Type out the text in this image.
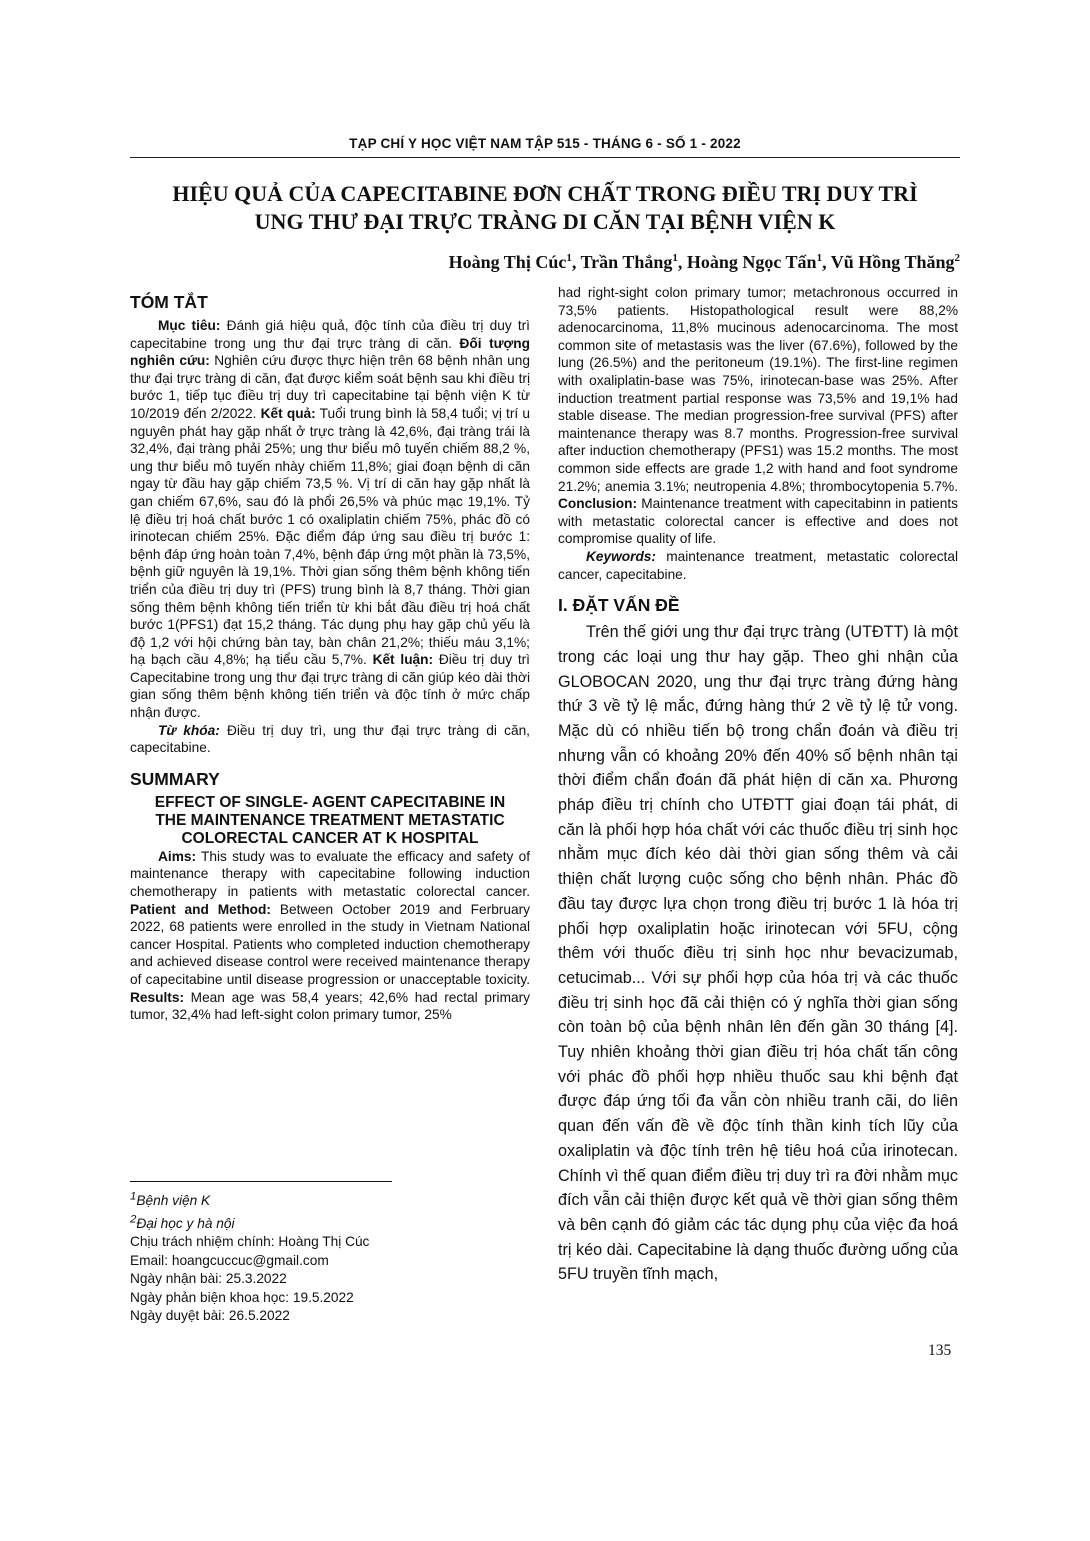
TẠP CHÍ Y HỌC VIỆT NAM TẬP 515 - THÁNG 6 - SỐ 1 - 2022
HIỆU QUẢ CỦA CAPECITABINE ĐƠN CHẤT TRONG ĐIỀU TRỊ DUY TRÌ
UNG THƯ ĐẠI TRỰC TRÀNG DI CĂN TẠI BỆNH VIỆN K
Hoàng Thị Cúc$^1$, Trần Thắng$^1$, Hoàng Ngọc Tấn$^1$, Vũ Hồng Thăng$^2$
TÓM TẮT

Mục tiêu: Đánh giá hiệu quả, độc tính của điều trị duy trì capecitabine trong ung thư đại trực tràng di căn. Đối tượng nghiên cứu: Nghiên cứu được thực hiện trên 68 bệnh nhân ung thư đại trực tràng di căn, đạt được kiểm soát bệnh sau khi điều trị bước 1, tiếp tục điều trị duy trì capecitabine tại bệnh viện K từ 10/2019 đến 2/2022. Kết quả: Tuổi trung bình là 58,4 tuổi; vị trí u nguyên phát hay gặp nhất ở trực tràng là 42,6%, đại tràng trái là 32,4%, đại tràng phải 25%; ung thư biểu mô tuyến chiếm 88,2 %, ung thư biểu mô tuyến nhày chiếm 11,8%; giai đoạn bệnh di căn ngay từ đầu hay gặp chiếm 73,5 %. Vị trí di căn hay gặp nhất là gan chiếm 67,6%, sau đó là phổi 26,5% và phúc mạc 19,1%. Tỷ lệ điều trị hoá chất bước 1 có oxaliplatin chiếm 75%, phác đồ có irinotecan chiếm 25%. Đặc điểm đáp ứng sau điều trị bước 1: bệnh đáp ứng hoàn toàn 7,4%, bệnh đáp ứng một phần là 73,5%, bệnh giữ nguyên là 19,1%. Thời gian sống thêm bệnh không tiến triển của điều trị duy trì (PFS) trung bình là 8,7 tháng. Thời gian sống thêm bệnh không tiến triển từ khi bắt đầu điều trị hoá chất bước 1(PFS1) đạt 15,2 tháng. Tác dụng phụ hay gặp chủ yếu là độ 1,2 với hội chứng bàn tay, bàn chân 21,2%; thiếu máu 3,1%; hạ bạch cầu 4,8%; hạ tiểu cầu 5,7%. Kết luận: Điều trị duy trì Capecitabine trong ung thư đại trực tràng di căn giúp kéo dài thời gian sống thêm bệnh không tiến triển và độc tính ở mức chấp nhận được.

Từ khóa: Điều trị duy trì, ung thư đại trực tràng di căn, capecitabine.

SUMMARY
EFFECT OF SINGLE- AGENT CAPECITABINE IN
THE MAINTENANCE TREATMENT METASTATIC
COLORECTAL CANCER AT K HOSPITAL

Aims: This study was to evaluate the efficacy and safety of maintenance therapy with capecitabine following induction chemotherapy in patients with metastatic colorectal cancer. Patient and Method: Between October 2019 and Ferbruary 2022, 68 patients were enrolled in the study in Vietnam National cancer Hospital. Patients who completed induction chemotherapy and achieved disease control were received maintenance therapy of capecitabine until disease progression or unacceptable toxicity. Results: Mean age was 58,4 years; 42,6% had rectal primary tumor, 32,4% had left-sight colon primary tumor, 25%

$^1$Bệnh viện K
$^2$Đại học y hà nội
Chịu trách nhiệm chính: Hoàng Thị Cúc
Email: hoangcuccuc@gmail.com
Ngày nhận bài: 25.3.2022
Ngày phản biện khoa học: 19.5.2022
Ngày duyệt bài: 26.5.2022

had right-sight colon primary tumor; metachronous occurred in 73,5% patients. Histopathological result were 88,2% adenocarcinoma, 11,8% mucinous adenocarcinoma. The most common site of metastasis was the liver (67.6%), followed by the lung (26.5%) and the peritoneum (19.1%). The first-line regimen with oxaliplatin-base was 75%, irinotecan-base was 25%. After induction treatment partial response was 73,5% and 19,1% had stable disease. The median progression-free survival (PFS) after maintenance therapy was 8.7 months. Progression-free survival after induction chemotherapy (PFS1) was 15.2 months. The most common side effects are grade 1,2 with hand and foot syndrome 21.2%; anemia 3.1%; neutropenia 4.8%; thrombocytopenia 5.7%. Conclusion: Maintenance treatment with capecitabinn in patients with metastatic colorectal cancer is effective and does not compromise quality of life.

Keywords: maintenance treatment, metastatic colorectal cancer, capecitabine.

I. ĐẶT VẤN ĐỀ

Trên thế giới ung thư đại trực tràng (UTĐTT) là một trong các loại ung thư hay gặp. Theo ghi nhận của GLOBOCAN 2020, ung thư đại trực tràng đứng hàng thứ 3 về tỷ lệ mắc, đứng hàng thứ 2 về tỷ lệ tử vong. Mặc dù có nhiều tiến bộ trong chẩn đoán và điều trị nhưng vẫn có khoảng 20% đến 40% số bệnh nhân tại thời điểm chẩn đoán đã phát hiện di căn xa. Phương pháp điều trị chính cho UTĐTT giai đoạn tái phát, di căn là phối hợp hóa chất với các thuốc điều trị sinh học nhằm mục đích kéo dài thời gian sống thêm và cải thiện chất lượng cuộc sống cho bệnh nhân. Phác đồ đầu tay được lựa chọn trong điều trị bước 1 là hóa trị phối hợp oxaliplatin hoặc irinotecan với 5FU, cộng thêm với thuốc điều trị sinh học như bevacizumab, cetucimab... Với sự phối hợp của hóa trị và các thuốc điều trị sinh học đã cải thiện có ý nghĩa thời gian sống còn toàn bộ của bệnh nhân lên đến gần 30 tháng [4]. Tuy nhiên khoảng thời gian điều trị hóa chất tấn công với phác đồ phối hợp nhiều thuốc sau khi bệnh đạt được đáp ứng tối đa vẫn còn nhiều tranh cãi, do liên quan đến vấn đề về độc tính thần kinh tích lũy của oxaliplatin và độc tính trên hệ tiêu hoá của irinotecan. Chính vì thế quan điểm điều trị duy trì ra đời nhằm mục đích vẫn cải thiện được kết quả về thời gian sống thêm và bên cạnh đó giảm các tác dụng phụ của việc đa hoá trị kéo dài. Capecitabine là dạng thuốc đường uống của 5FU truyền tĩnh mạch,

135
